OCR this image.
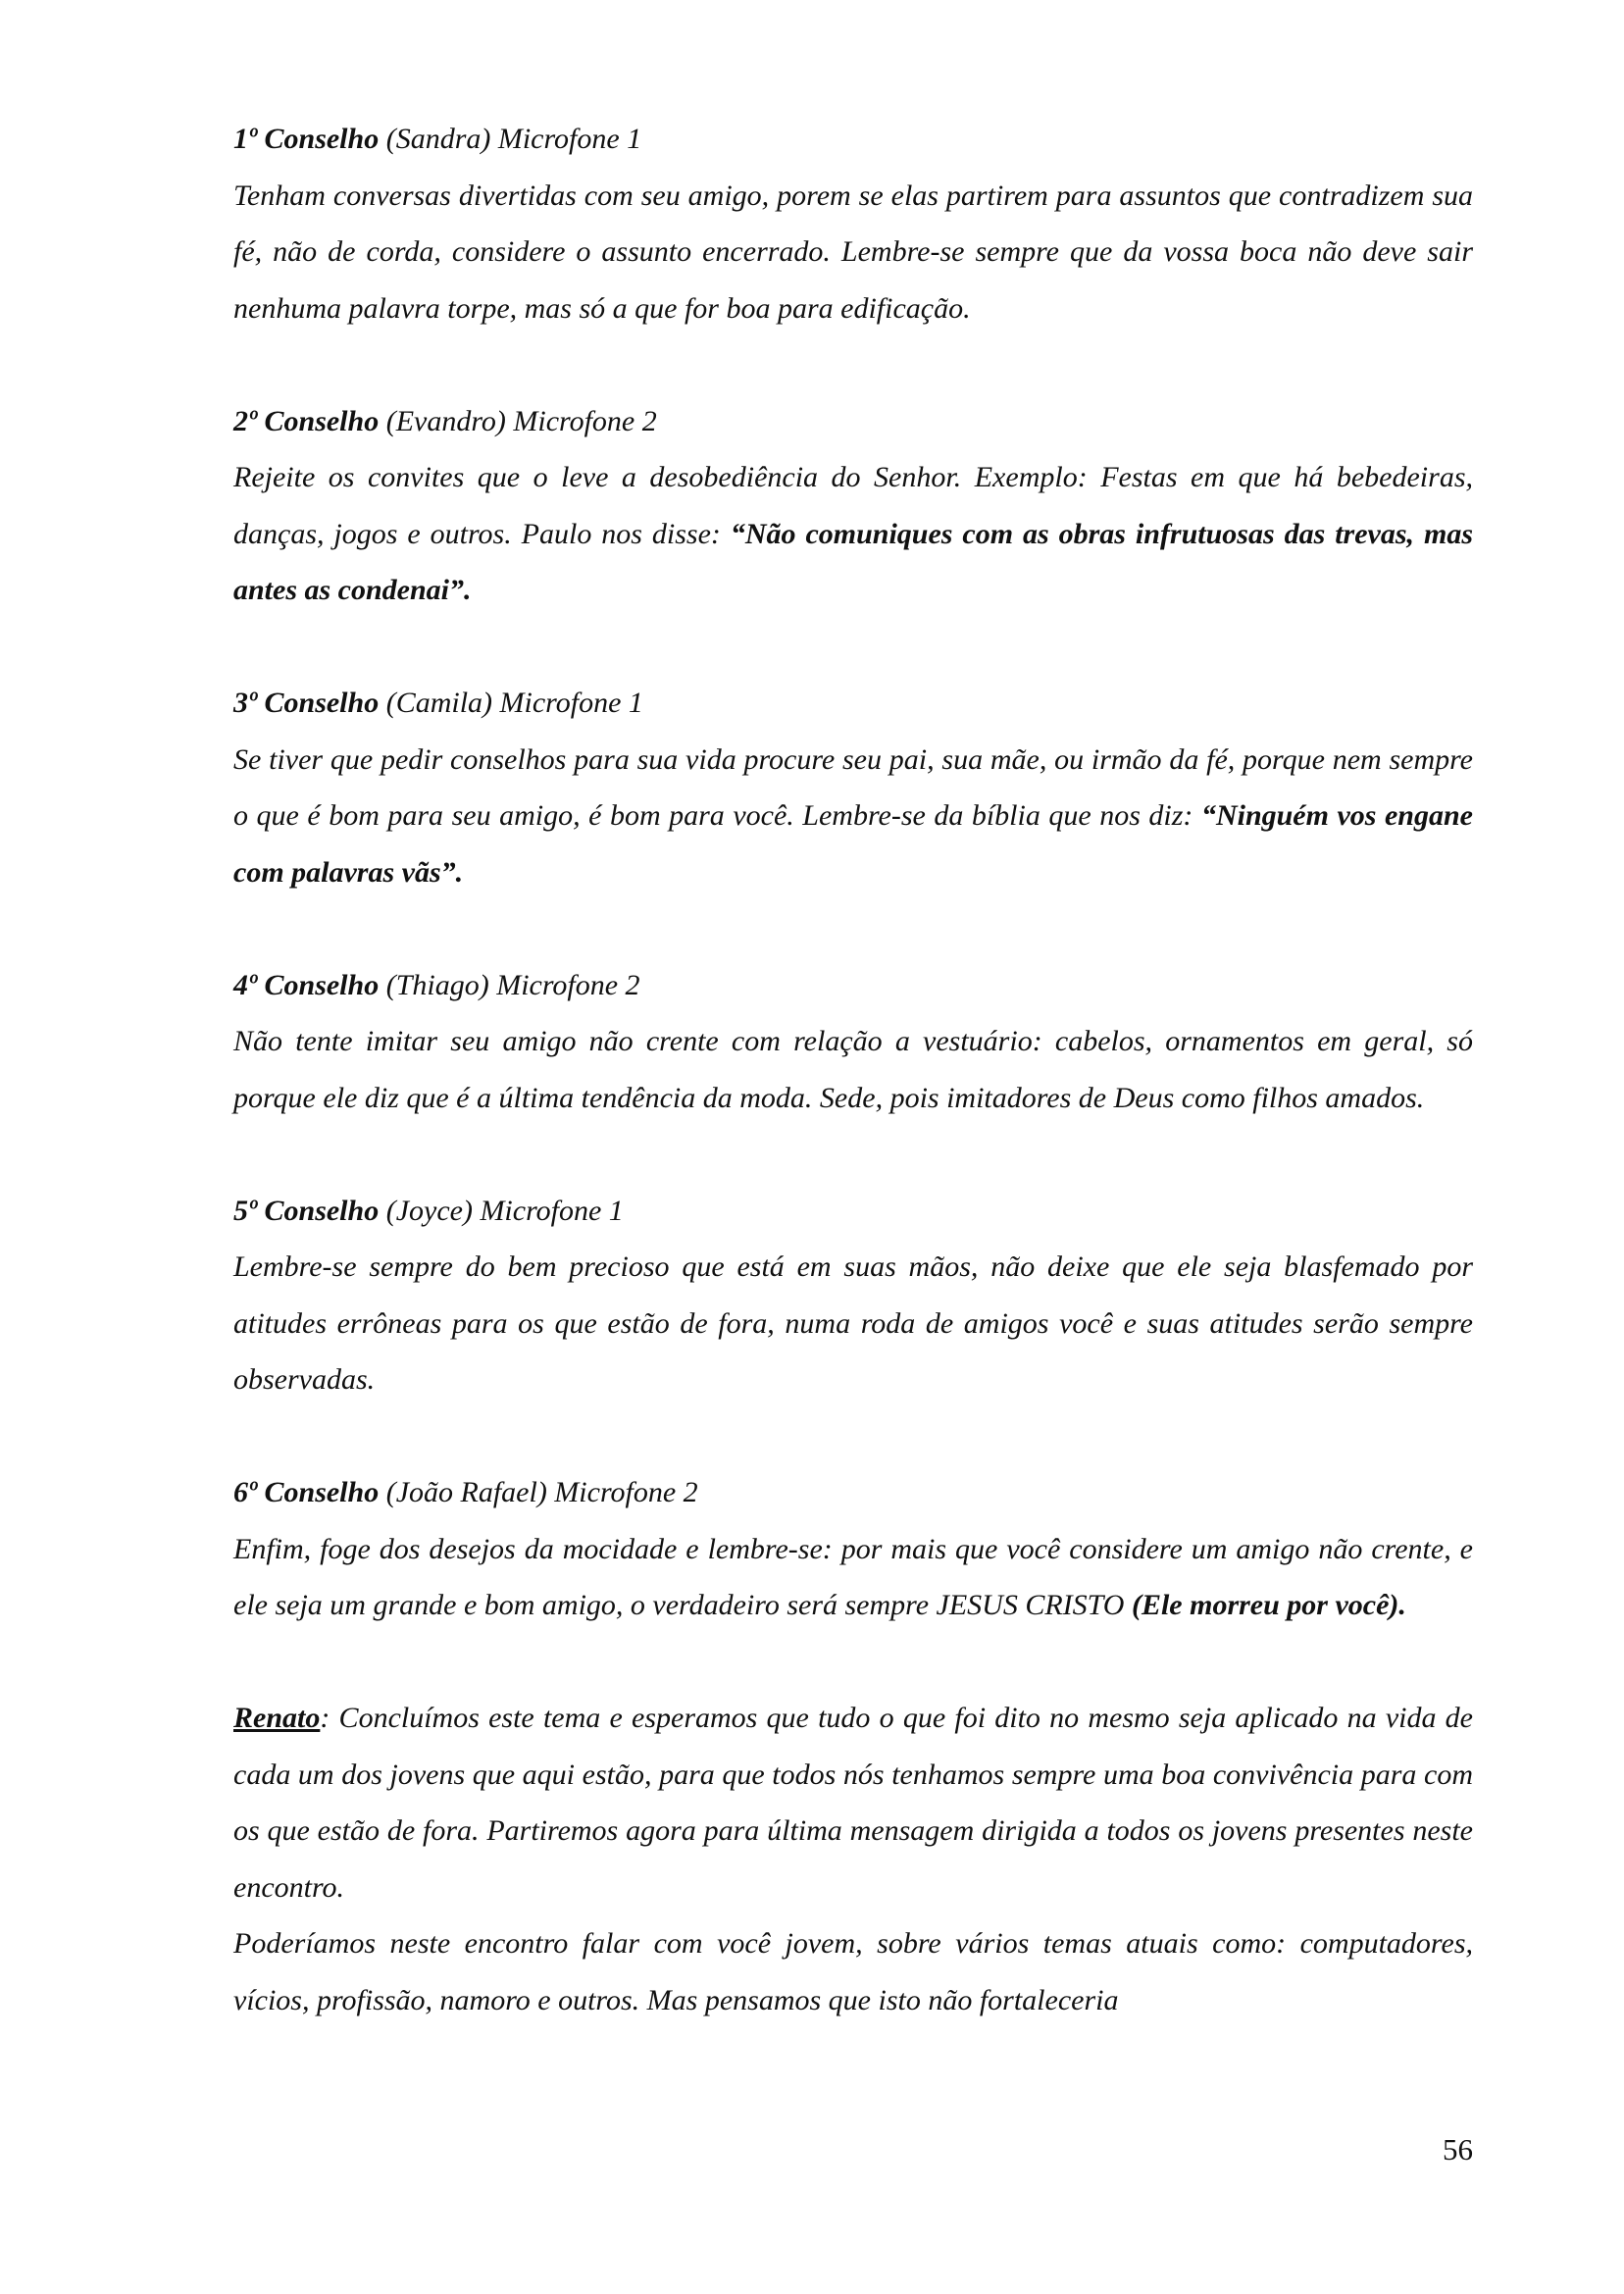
1º Conselho (Sandra) Microfone 1

Tenham conversas divertidas com seu amigo, porem se elas partirem para assuntos que contradizem sua fé, não de corda, considere o assunto encerrado. Lembre-se sempre que da vossa boca não deve sair nenhuma palavra torpe, mas só a que for boa para edificação.

2º Conselho (Evandro) Microfone 2

Rejeite os convites que o leve a desobediência do Senhor. Exemplo: Festas em que há bebedeiras, danças, jogos e outros. Paulo nos disse: “Não comuniques com as obras infrutuosas das trevas, mas antes as condenai”.

3º Conselho (Camila) Microfone 1

Se tiver que pedir conselhos para sua vida procure seu pai, sua mãe, ou irmão da fé, porque nem sempre o que é bom para seu amigo, é bom para você. Lembre-se da bíblia que nos diz: “Ninguém vos engane com palavras vãs”.

4º Conselho (Thiago) Microfone 2

Não tente imitar seu amigo não crente com relação a vestuário: cabelos, ornamentos em geral, só porque ele diz que é a última tendência da moda. Sede, pois imitadores de Deus como filhos amados.

5º Conselho (Joyce) Microfone 1

Lembre-se sempre do bem precioso que está em suas mãos, não deixe que ele seja blasfemado por atitudes errôneas para os que estão de fora, numa roda de amigos você e suas atitudes serão sempre observadas.

6º Conselho (João Rafael) Microfone 2

Enfim, foge dos desejos da mocidade e lembre-se: por mais que você considere um amigo não crente, e ele seja um grande e bom amigo, o verdadeiro será sempre JESUS CRISTO (Ele morreu por você).

Renato: Concluímos este tema e esperamos que tudo o que foi dito no mesmo seja aplicado na vida de cada um dos jovens que aqui estão, para que todos nós tenhamos sempre uma boa convivência para com os que estão de fora. Partiremos agora para última mensagem dirigida a todos os jovens presentes neste encontro.

Poderíamos neste encontro falar com você jovem, sobre vários temas atuais como: computadores, vícios, profissão, namoro e outros. Mas pensamos que isto não fortaleceria

56
